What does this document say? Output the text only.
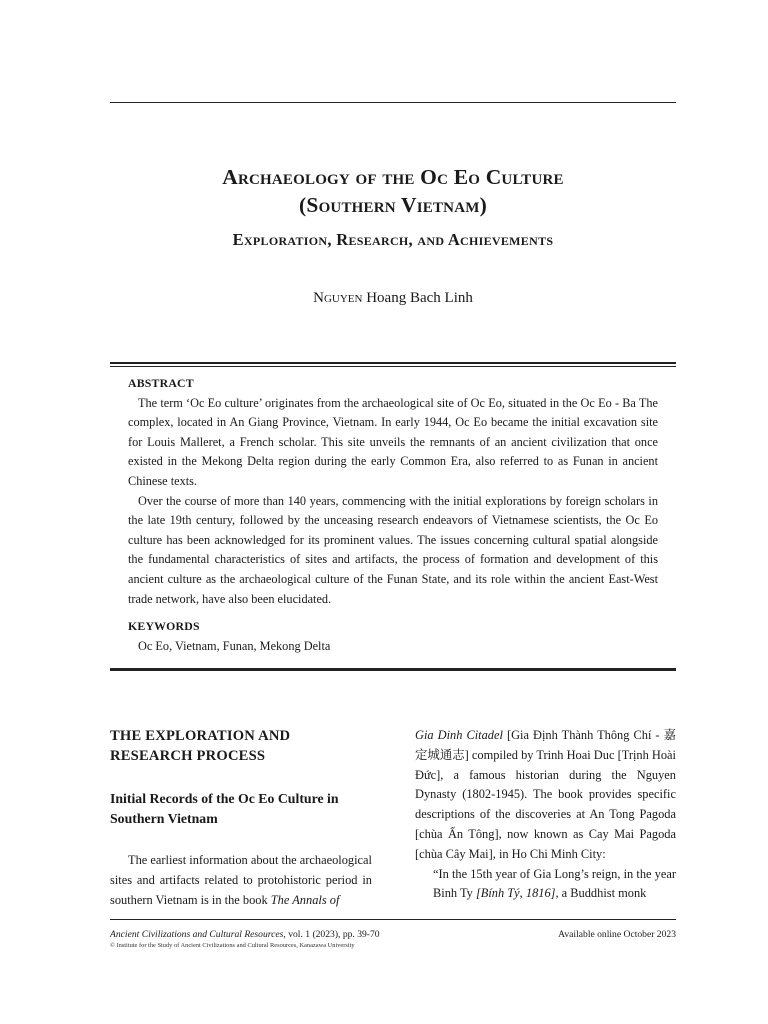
Archaeology of the Oc Eo Culture
(Southern Vietnam)
Exploration, Research, and Achievements
Nguyen Hoang Bach Linh
ABSTRACT

The term ‘Oc Eo culture’ originates from the archaeological site of Oc Eo, situated in the Oc Eo - Ba The complex, located in An Giang Province, Vietnam. In early 1944, Oc Eo became the initial excavation site for Louis Malleret, a French scholar. This site unveils the remnants of an ancient civilization that once existed in the Mekong Delta region during the early Common Era, also referred to as Funan in ancient Chinese texts.

Over the course of more than 140 years, commencing with the initial explorations by foreign scholars in the late 19th century, followed by the unceasing research endeavors of Vietnamese scientists, the Oc Eo culture has been acknowledged for its prominent values. The issues concerning cultural spatial alongside the fundamental characteristics of sites and artifacts, the process of formation and development of this ancient culture as the archaeological culture of the Funan State, and its role within the ancient East-West trade network, have also been elucidated.

KEYWORDS
Oc Eo, Vietnam, Funan, Mekong Delta

THE EXPLORATION AND RESEARCH PROCESS

Initial Records of the Oc Eo Culture in Southern Vietnam

The earliest information about the archaeological sites and artifacts related to protohistoric period in southern Vietnam is in the book The Annals of

Gia Dinh Citadel [Gia Định Thành Thông Chí - 嘉定城通志] compiled by Trinh Hoai Duc [Trịnh Hoài Đức], a famous historian during the Nguyen Dynasty (1802-1945). The book provides specific descriptions of the discoveries at An Tong Pagoda [chùa Ấn Tông], now known as Cay Mai Pagoda [chùa Cây Mai], in Ho Chi Minh City:

“In the 15th year of Gia Long’s reign, in the year Binh Ty [Bính Tý, 1816], a Buddhist monk

Ancient Civilizations and Cultural Resources, vol. 1 (2023), pp. 39-70
© Institute for the Study of Ancient Civilizations and Cultural Resources, Kanazawa University
Available online October 2023
